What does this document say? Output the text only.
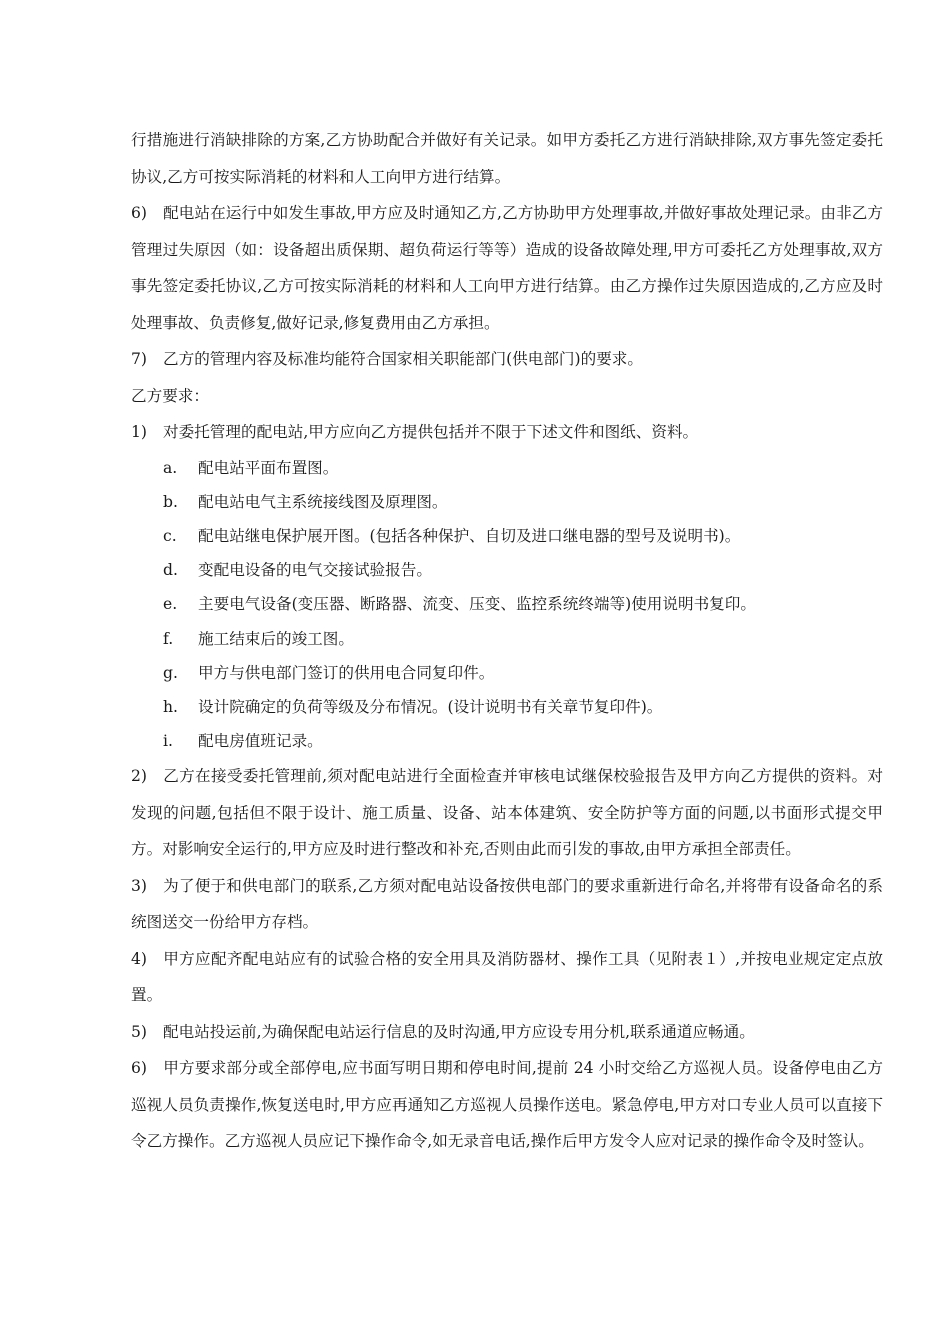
行措施进行消缺排除的方案,乙方协助配合并做好有关记录。如甲方委托乙方进行消缺排除,双方事先签定委托协议,乙方可按实际消耗的材料和人工向甲方进行结算。

6) 配电站在运行中如发生事故,甲方应及时通知乙方,乙方协助甲方处理事故,并做好事故处理记录。由非乙方管理过失原因（如：设备超出质保期、超负荷运行等等）造成的设备故障处理,甲方可委托乙方处理事故,双方事先签定委托协议,乙方可按实际消耗的材料和人工向甲方进行结算。由乙方操作过失原因造成的,乙方应及时处理事故、负责修复,做好记录,修复费用由乙方承担。
7)	乙方的管理内容及标准均能符合国家相关职能部门(供电部门)的要求。

乙方要求：

1)	对委托管理的配电站,甲方应向乙方提供包括并不限于下述文件和图纸、资料。
a.	配电站平面布置图。
b.	配电站电气主系统接线图及原理图。
c.	配电站继电保护展开图。(包括各种保护、自切及进口继电器的型号及说明书)。
d.	变配电设备的电气交接试验报告。
e.	主要电气设备(变压器、断路器、流变、压变、监控系统终端等)使用说明书复印。
f.	施工结束后的竣工图。
g.	甲方与供电部门签订的供用电合同复印件。
h.	设计院确定的负荷等级及分布情况。(设计说明书有关章节复印件)。
i.	配电房值班记录。
2) 乙方在接受委托管理前,须对配电站进行全面检查并审核电试继保校验报告及甲方向乙方提供的资料。对发现的问题,包括但不限于设计、施工质量、设备、站本体建筑、安全防护等方面的问题,以书面形式提交甲方。对影响安全运行的,甲方应及时进行整改和补充,否则由此而引发的事故,由甲方承担全部责任。
3) 为了便于和供电部门的联系,乙方须对配电站设备按供电部门的要求重新进行命名,并将带有设备命名的系统图送交一份给甲方存档。
4) 甲方应配齐配电站应有的试验合格的安全用具及消防器材、操作工具（见附表１）,并按电业规定定点放置。
5)	配电站投运前,为确保配电站运行信息的及时沟通,甲方应设专用分机,联系通道应畅通。
6) 甲方要求部分或全部停电,应书面写明日期和停电时间,提前 24 小时交给乙方巡视人员。设备停电由乙方巡视人员负责操作,恢复送电时,甲方应再通知乙方巡视人员操作送电。紧急停电,甲方对口专业人员可以直接下令乙方操作。乙方巡视人员应记下操作命令,如无录音电话,操作后甲方发令人应对记录的操作命令及时签认。
